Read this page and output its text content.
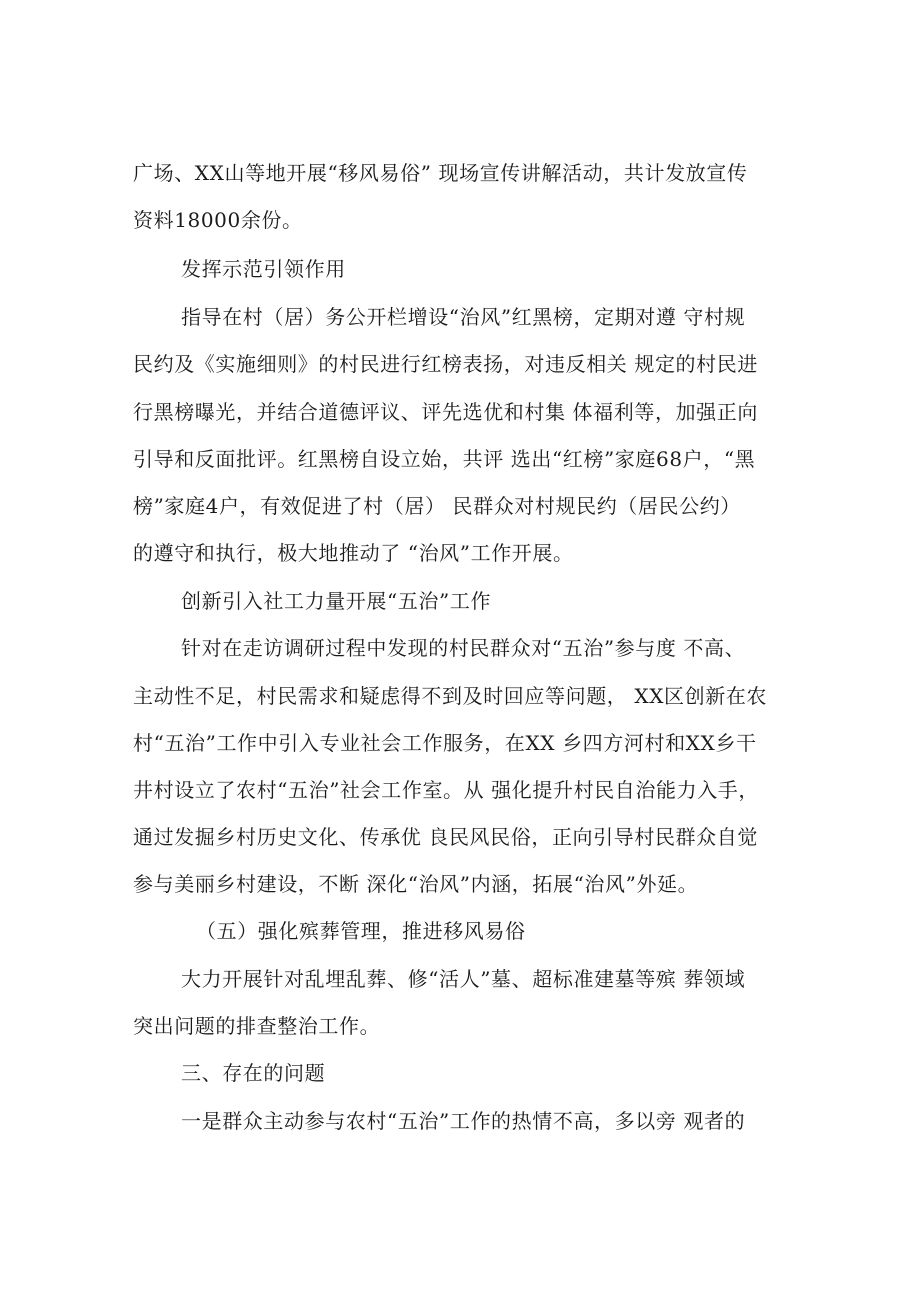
广场、XX山等地开展“移风易俗” 现场宣传讲解活动，共计发放宣传
资料18000余份。
发挥示范引领作用
指导在村（居）务公开栏增设“治风”红黑榜，定期对遵 守村规
民约及《实施细则》的村民进行红榜表扬，对违反相关 规定的村民进
行黑榜曝光，并结合道德评议、评先选优和村集 体福利等，加强正向
引导和反面批评。红黑榜自设立始，共评 选出“红榜”家庭68户，“黑
榜”家庭4户，有效促进了村（居） 民群众对村规民约（居民公约）
的遵守和执行，极大地推动了 “治风”工作开展。
创新引入社工力量开展“五治”工作
针对在走访调研过程中发现的村民群众对“五治”参与度 不高、
主动性不足，村民需求和疑虑得不到及时回应等问题， XX区创新在农
村“五治”工作中引入专业社会工作服务，在XX 乡四方河村和XX乡干
井村设立了农村“五治”社会工作室。从 强化提升村民自治能力入手，
通过发掘乡村历史文化、传承优 良民风民俗，正向引导村民群众自觉
参与美丽乡村建设，不断 深化“治风”内涵，拓展“治风”外延。
（五）强化殡葬管理，推进移风易俗
大力开展针对乱埋乱葬、修“活人”墓、超标准建墓等殡 葬领域
突出问题的排查整治工作。
三、存在的问题
一是群众主动参与农村“五治”工作的热情不高，多以旁 观者的
